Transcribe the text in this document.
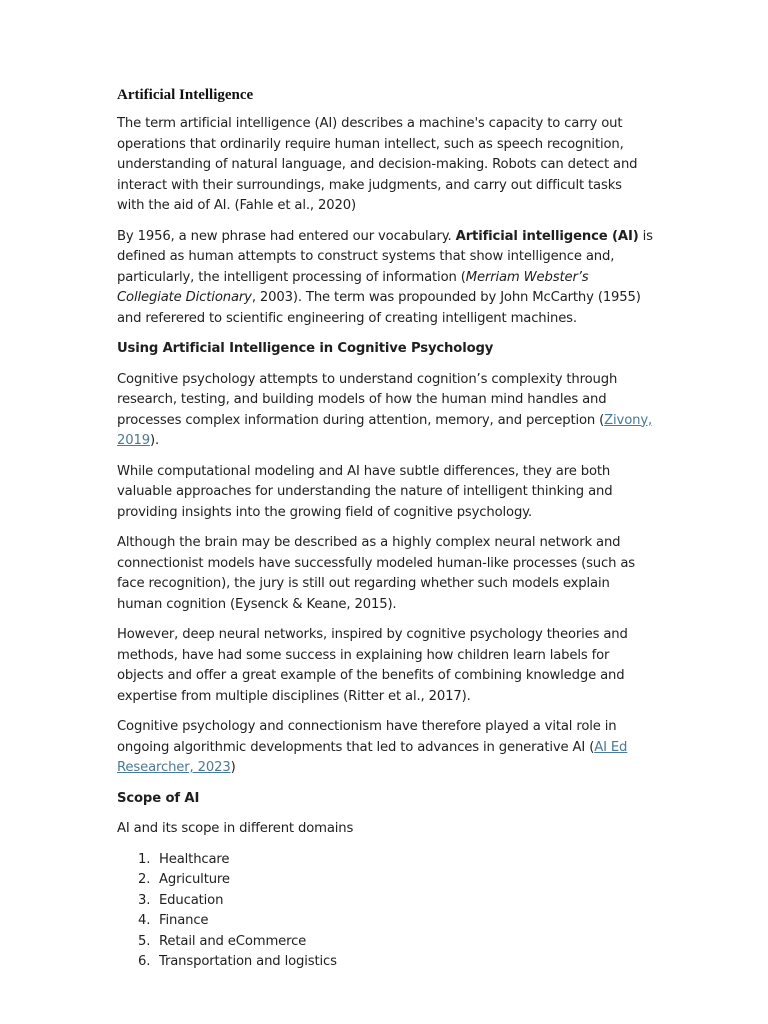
Artificial Intelligence

The term artificial intelligence (AI) describes a machine's capacity to carry out operations that ordinarily require human intellect, such as speech recognition, understanding of natural language, and decision-making. Robots can detect and interact with their surroundings, make judgments, and carry out difficult tasks with the aid of AI. (Fahle et al., 2020)

By 1956, a new phrase had entered our vocabulary. Artificial intelligence (AI) is defined as human attempts to construct systems that show intelligence and, particularly, the intelligent processing of information (Merriam Webster’s Collegiate Dictionary, 2003). The term was propounded by John McCarthy (1955) and referered to scientific engineering of creating intelligent machines.

Using Artificial Intelligence in Cognitive Psychology

Cognitive psychology attempts to understand cognition’s complexity through research, testing, and building models of how the human mind handles and processes complex information during attention, memory, and perception (Zivony, 2019).

While computational modeling and AI have subtle differences, they are both valuable approaches for understanding the nature of intelligent thinking and providing insights into the growing field of cognitive psychology.

Although the brain may be described as a highly complex neural network and connectionist models have successfully modeled human-like processes (such as face recognition), the jury is still out regarding whether such models explain human cognition (Eysenck & Keane, 2015).

However, deep neural networks, inspired by cognitive psychology theories and methods, have had some success in explaining how children learn labels for objects and offer a great example of the benefits of combining knowledge and expertise from multiple disciplines (Ritter et al., 2017).

Cognitive psychology and connectionism have therefore played a vital role in ongoing algorithmic developments that led to advances in generative AI (AI Ed Researcher, 2023)

Scope of AI

AI and its scope in different domains

1. Healthcare
2. Agriculture
3. Education
4. Finance
5. Retail and eCommerce
6. Transportation and logistics
